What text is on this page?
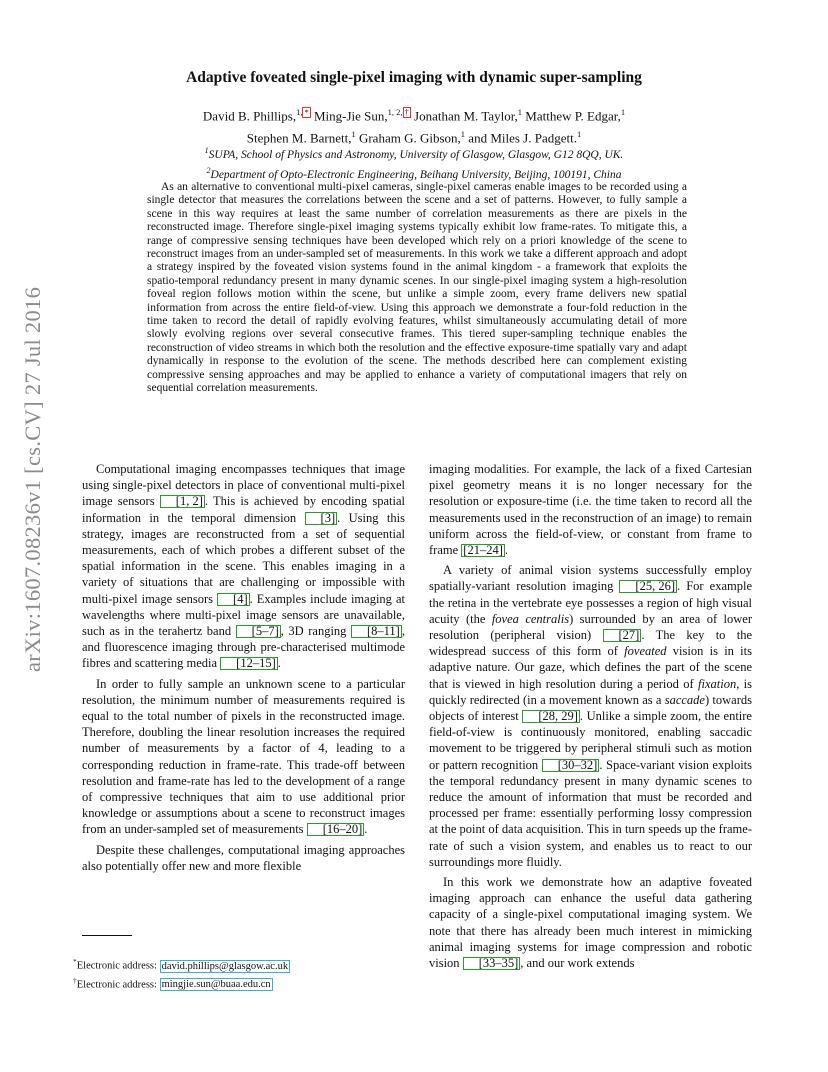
arXiv:1607.08236v1 [cs.CV] 27 Jul 2016
Adaptive foveated single-pixel imaging with dynamic super-sampling
David B. Phillips,$^{1,}$ * Ming-Jie Sun,$^{1, 2,}$ † Jonathan M. Taylor,$^1$ Matthew P. Edgar,$^1$
Stephen M. Barnett,$^1$ Graham G. Gibson,$^1$ and Miles J. Padgett.$^1$
$^1$SUPA, School of Physics and Astronomy, University of Glasgow, Glasgow, G12 8QQ, UK.
$^2$Department of Opto-Electronic Engineering, Beihang University, Beijing, 100191, China

As an alternative to conventional multi-pixel cameras, single-pixel cameras enable images to be recorded using a single detector that measures the correlations between the scene and a set of patterns. However, to fully sample a scene in this way requires at least the same number of correlation measurements as there are pixels in the reconstructed image. Therefore single-pixel imaging systems typically exhibit low frame-rates. To mitigate this, a range of compressive sensing techniques have been developed which rely on a priori knowledge of the scene to reconstruct images from an under-sampled set of measurements. In this work we take a different approach and adopt a strategy inspired by the foveated vision systems found in the animal kingdom - a framework that exploits the spatio-temporal redundancy present in many dynamic scenes. In our single-pixel imaging system a high-resolution foveal region follows motion within the scene, but unlike a simple zoom, every frame delivers new spatial information from across the entire field-of-view. Using this approach we demonstrate a four-fold reduction in the time taken to record the detail of rapidly evolving features, whilst simultaneously accumulating detail of more slowly evolving regions over several consecutive frames. This tiered super-sampling technique enables the reconstruction of video streams in which both the resolution and the effective exposure-time spatially vary and adapt dynamically in response to the evolution of the scene. The methods described here can complement existing compressive sensing approaches and may be applied to enhance a variety of computational imagers that rely on sequential correlation measurements.

Computational imaging encompasses techniques that image using single-pixel detectors in place of conventional multi-pixel image sensors [1, 2] . This is achieved by encoding spatial information in the temporal dimension [3] . Using this strategy, images are reconstructed from a set of sequential measurements, each of which probes a different subset of the spatial information in the scene. This enables imaging in a variety of situations that are challenging or impossible with multi-pixel image sensors [4] . Examples include imaging at wavelengths where multi-pixel image sensors are unavailable, such as in the terahertz band [5–7] , 3D ranging [8–11] , and fluorescence imaging through pre-characterised multimode fibres and scattering media [12–15] .

In order to fully sample an unknown scene to a particular resolution, the minimum number of measurements required is equal to the total number of pixels in the reconstructed image. Therefore, doubling the linear resolution increases the required number of measurements by a factor of 4, leading to a corresponding reduction in frame-rate. This trade-off between resolution and frame-rate has led to the development of a range of compressive techniques that aim to use additional prior knowledge or assumptions about a scene to reconstruct images from an under-sampled set of measurements [16–20] .

Despite these challenges, computational imaging approaches also potentially offer new and more flexible

imaging modalities. For example, the lack of a fixed Cartesian pixel geometry means it is no longer necessary for the resolution or exposure-time (i.e. the time taken to record all the measurements used in the reconstruction of an image) to remain uniform across the field-of-view, or constant from frame to frame [21–24] .

A variety of animal vision systems successfully employ spatially-variant resolution imaging [25, 26] . For example the retina in the vertebrate eye possesses a region of high visual acuity (the fovea centralis) surrounded by an area of lower resolution (peripheral vision) [27] . The key to the widespread success of this form of foveated vision is in its adaptive nature. Our gaze, which defines the part of the scene that is viewed in high resolution during a period of fixation, is quickly redirected (in a movement known as a saccade) towards objects of interest [28, 29] . Unlike a simple zoom, the entire field-of-view is continuously monitored, enabling saccadic movement to be triggered by peripheral stimuli such as motion or pattern recognition [30–32] . Space-variant vision exploits the temporal redundancy present in many dynamic scenes to reduce the amount of information that must be recorded and processed per frame: essentially performing lossy compression at the point of data acquisition. This in turn speeds up the frame-rate of such a vision system, and enables us to react to our surroundings more fluidly.

In this work we demonstrate how an adaptive foveated imaging approach can enhance the useful data gathering capacity of a single-pixel computational imaging system. We note that there has already been much interest in mimicking animal imaging systems for image compression and robotic vision [33–35] , and our work extends

*Electronic address: david.phillips@glasgow.ac.uk
†Electronic address: mingjie.sun@buaa.edu.cn
